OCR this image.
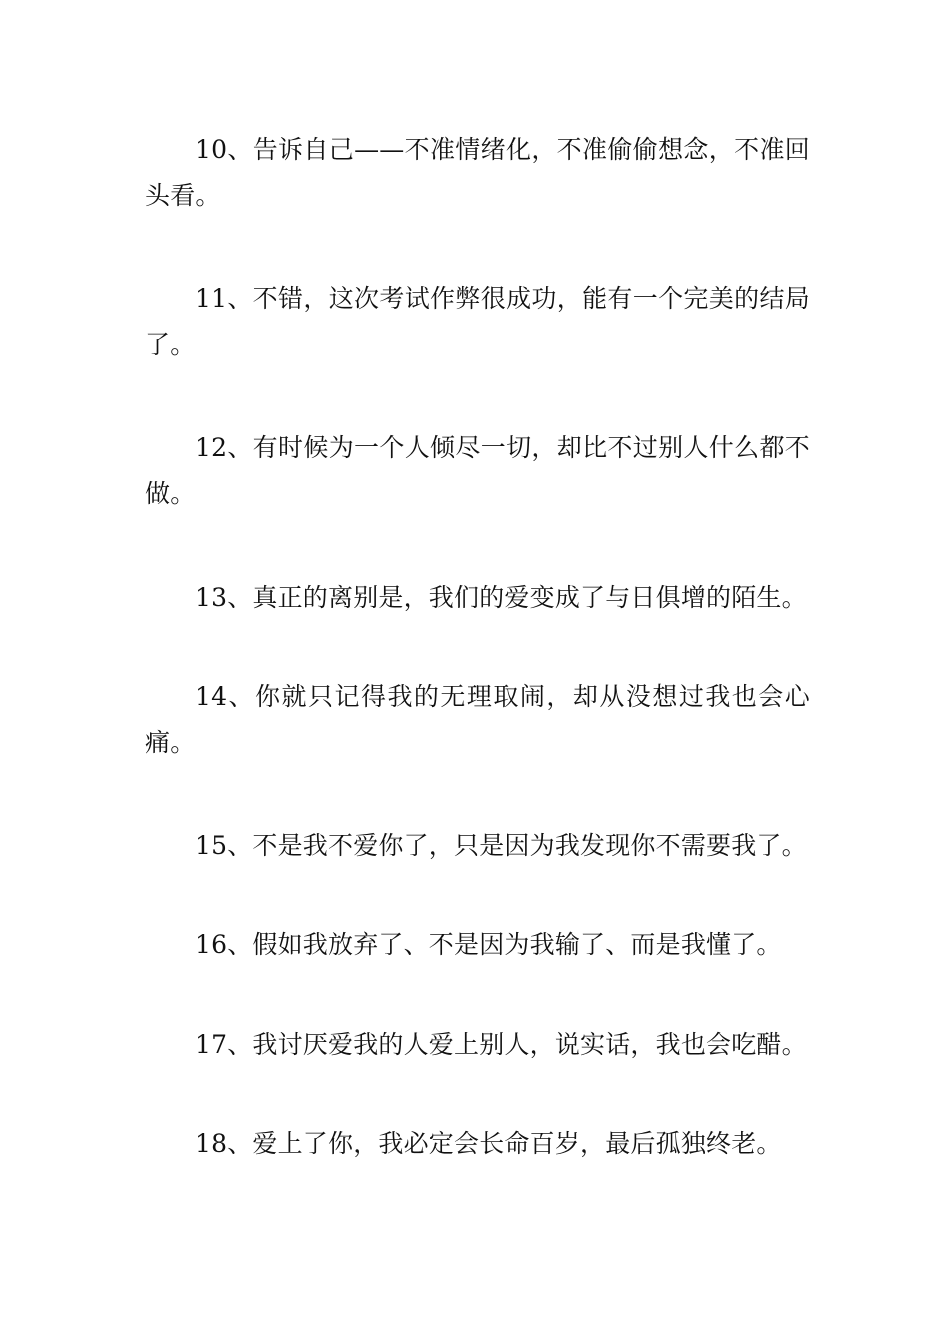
10、告诉自己——不准情绪化，不准偷偷想念，不准回头看。

11、不错，这次考试作弊很成功，能有一个完美的结局了。

12、有时候为一个人倾尽一切，却比不过别人什么都不做。

13、真正的离别是，我们的爱变成了与日俱增的陌生。

14、你就只记得我的无理取闹，却从没想过我也会心痛。

15、不是我不爱你了，只是因为我发现你不需要我了。

16、假如我放弃了、不是因为我输了、而是我懂了。

17、我讨厌爱我的人爱上别人，说实话，我也会吃醋。

18、爱上了你，我必定会长命百岁，最后孤独终老。
